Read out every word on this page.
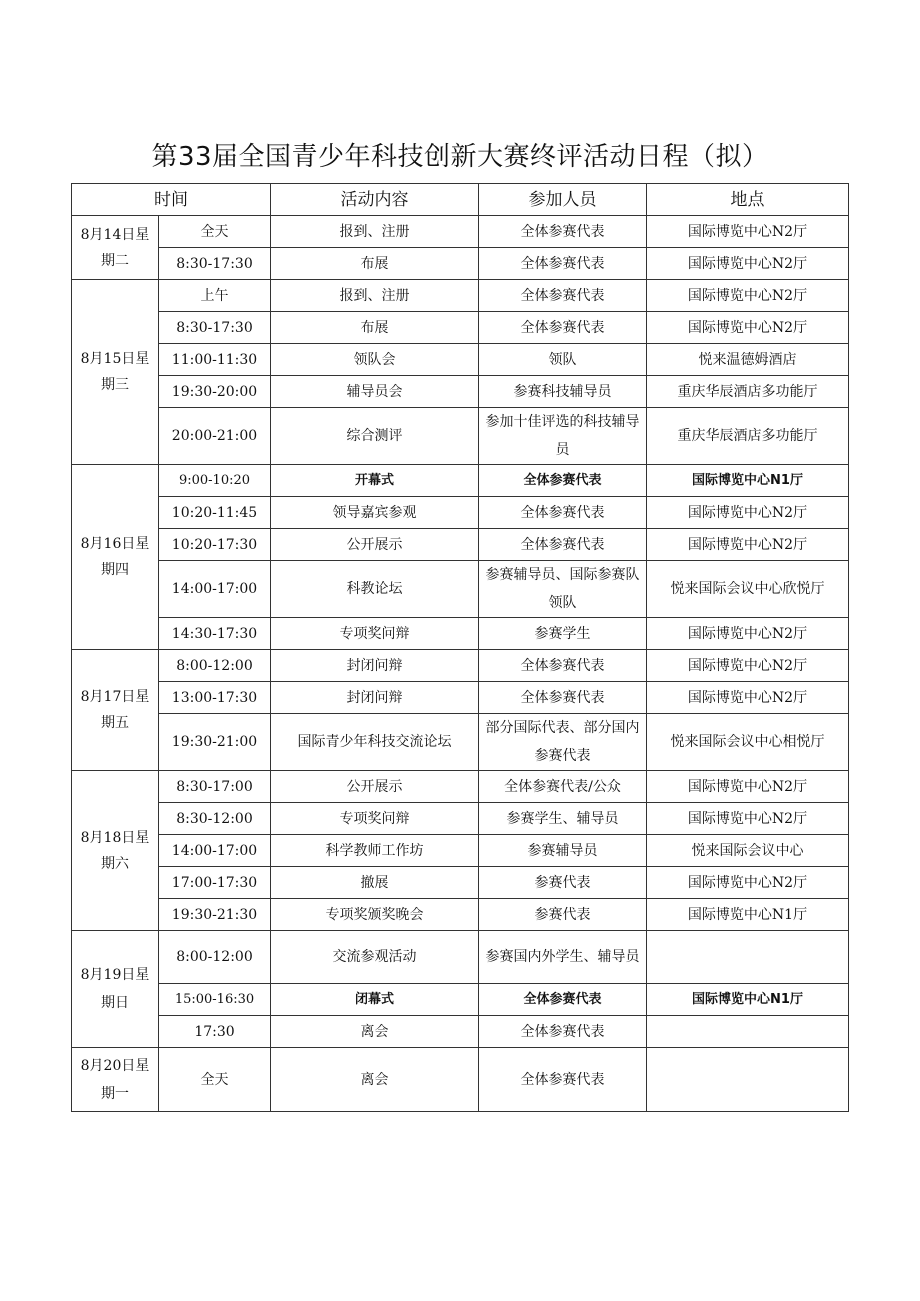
第33届全国青少年科技创新大赛终评活动日程（拟）
时间		活动内容	参加人员	地点
8月14日星期二	全天	报到、注册	全体参赛代表	国际博览中心N2厅
	8:30-17:30	布展	全体参赛代表	国际博览中心N2厅
8月15日星期三	上午	报到、注册	全体参赛代表	国际博览中心N2厅
	8:30-17:30	布展	全体参赛代表	国际博览中心N2厅
	11:00-11:30	领队会	领队	悦来温德姆酒店
	19:30-20:00	辅导员会	参赛科技辅导员	重庆华辰酒店多功能厅
	20:00-21:00	综合测评	参加十佳评选的科技辅导员	重庆华辰酒店多功能厅
8月16日星期四	9:00-10:20	开幕式	全体参赛代表	国际博览中心N1厅
	10:20-11:45	领导嘉宾参观	全体参赛代表	国际博览中心N2厅
	10:20-17:30	公开展示	全体参赛代表	国际博览中心N2厅
	14:00-17:00	科教论坛	参赛辅导员、国际参赛队领队	悦来国际会议中心欣悦厅
	14:30-17:30	专项奖问辩	参赛学生	国际博览中心N2厅
8月17日星期五	8:00-12:00	封闭问辩	全体参赛代表	国际博览中心N2厅
	13:00-17:30	封闭问辩	全体参赛代表	国际博览中心N2厅
	19:30-21:00	国际青少年科技交流论坛	部分国际代表、部分国内参赛代表	悦来国际会议中心相悦厅
8月18日星期六	8:30-17:00	公开展示	全体参赛代表/公众	国际博览中心N2厅
	8:30-12:00	专项奖问辩	参赛学生、辅导员	国际博览中心N2厅
	14:00-17:00	科学教师工作坊	参赛辅导员	悦来国际会议中心
	17:00-17:30	撤展	参赛代表	国际博览中心N2厅
	19:30-21:30	专项奖颁奖晚会	参赛代表	国际博览中心N1厅
8月19日星期日	8:00-12:00	交流参观活动	参赛国内外学生、辅导员	
	15:00-16:30	闭幕式	全体参赛代表	国际博览中心N1厅
	17:30	离会	全体参赛代表	
8月20日星期一	全天	离会	全体参赛代表	
